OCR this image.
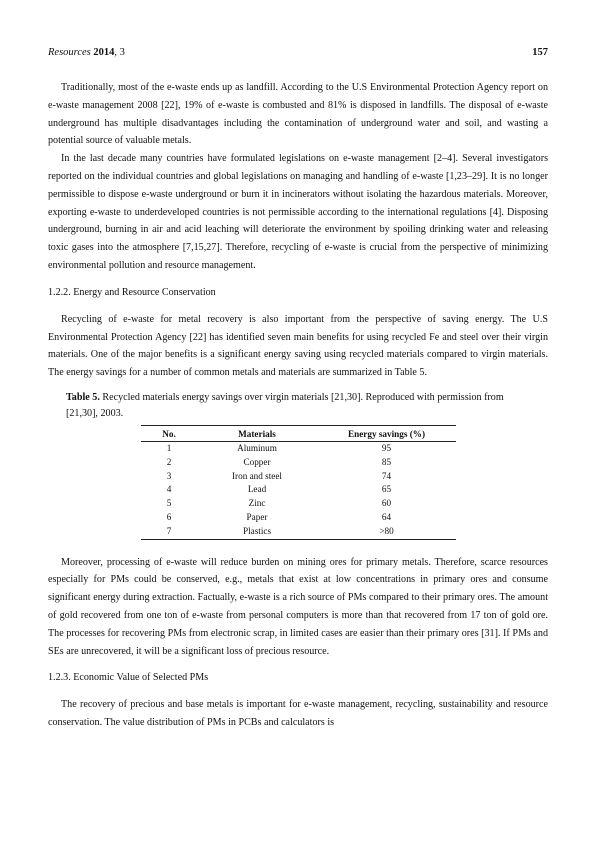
Resources 2014, 3	157

Traditionally, most of the e-waste ends up as landfill. According to the U.S Environmental Protection Agency report on e-waste management 2008 [22], 19% of e-waste is combusted and 81% is disposed in landfills. The disposal of e-waste underground has multiple disadvantages including the contamination of underground water and soil, and wasting a potential source of valuable metals.

In the last decade many countries have formulated legislations on e-waste management [2–4]. Several investigators reported on the individual countries and global legislations on managing and handling of e-waste [1,23–29]. It is no longer permissible to dispose e-waste underground or burn it in incinerators without isolating the hazardous materials. Moreover, exporting e-waste to underdeveloped countries is not permissible according to the international regulations [4]. Disposing underground, burning in air and acid leaching will deteriorate the environment by spoiling drinking water and releasing toxic gases into the atmosphere [7,15,27]. Therefore, recycling of e-waste is crucial from the perspective of minimizing environmental pollution and resource management.

1.2.2. Energy and Resource Conservation

Recycling of e-waste for metal recovery is also important from the perspective of saving energy. The U.S Environmental Protection Agency [22] has identified seven main benefits for using recycled Fe and steel over their virgin materials. One of the major benefits is a significant energy saving using recycled materials compared to virgin materials. The energy savings for a number of common metals and materials are summarized in Table 5.

Table 5. Recycled materials energy savings over virgin materials [21,30]. Reproduced with permission from [21,30], 2003.
No.	Materials	Energy savings (%)
1	Aluminum	95
2	Copper	85
3	Iron and steel	74
4	Lead	65
5	Zinc	60
6	Paper	64
7	Plastics	>80

Moreover, processing of e-waste will reduce burden on mining ores for primary metals. Therefore, scarce resources especially for PMs could be conserved, e.g., metals that exist at low concentrations in primary ores and consume significant energy during extraction. Factually, e-waste is a rich source of PMs compared to their primary ores. The amount of gold recovered from one ton of e-waste from personal computers is more than that recovered from 17 ton of gold ore. The processes for recovering PMs from electronic scrap, in limited cases are easier than their primary ores [31]. If PMs and SEs are unrecovered, it will be a significant loss of precious resource.

1.2.3. Economic Value of Selected PMs

The recovery of precious and base metals is important for e-waste management, recycling, sustainability and resource conservation. The value distribution of PMs in PCBs and calculators is
